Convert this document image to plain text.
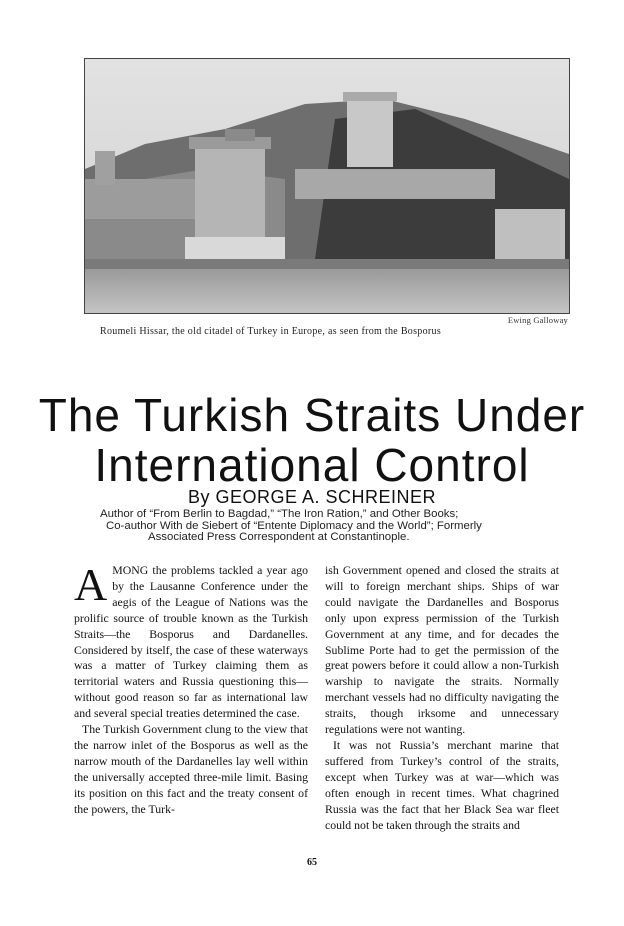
Ewing Galloway
Roumeli Hissar, the old citadel of Turkey in Europe, as seen from the Bosporus
The Turkish Straits Under
International Control
By GEORGE A. SCHREINER
Author of “From Berlin to Bagdad,” “The Iron Ration,” and Other Books;
Co-author With de Siebert of “Entente Diplomacy and the World”; Formerly
Associated Press Correspondent at Constantinople.

AMONG the problems tackled a year ago by the Lausanne Conference under the aegis of the League of Nations was the prolific source of trouble known as the Turkish Straits—the Bosporus and Dardanelles. Considered by itself, the case of these waterways was a matter of Turkey claiming them as territorial waters and Russia questioning this—without good reason so far as international law and several special treaties determined the case.

The Turkish Government clung to the view that the narrow inlet of the Bosporus as well as the narrow mouth of the Dardanelles lay well within the universally accepted three-mile limit. Basing its position on this fact and the treaty consent of the powers, the Turk-

ish Government opened and closed the straits at will to foreign merchant ships. Ships of war could navigate the Dardanelles and Bosporus only upon express permission of the Turkish Government at any time, and for decades the Sublime Porte had to get the permission of the great powers before it could allow a non-Turkish warship to navigate the straits. Normally merchant vessels had no difficulty navigating the straits, though irksome and unnecessary regulations were not wanting.

It was not Russia’s merchant marine that suffered from Turkey’s control of the straits, except when Turkey was at war—which was often enough in recent times. What chagrined Russia was the fact that her Black Sea war fleet could not be taken through the straits and

65
